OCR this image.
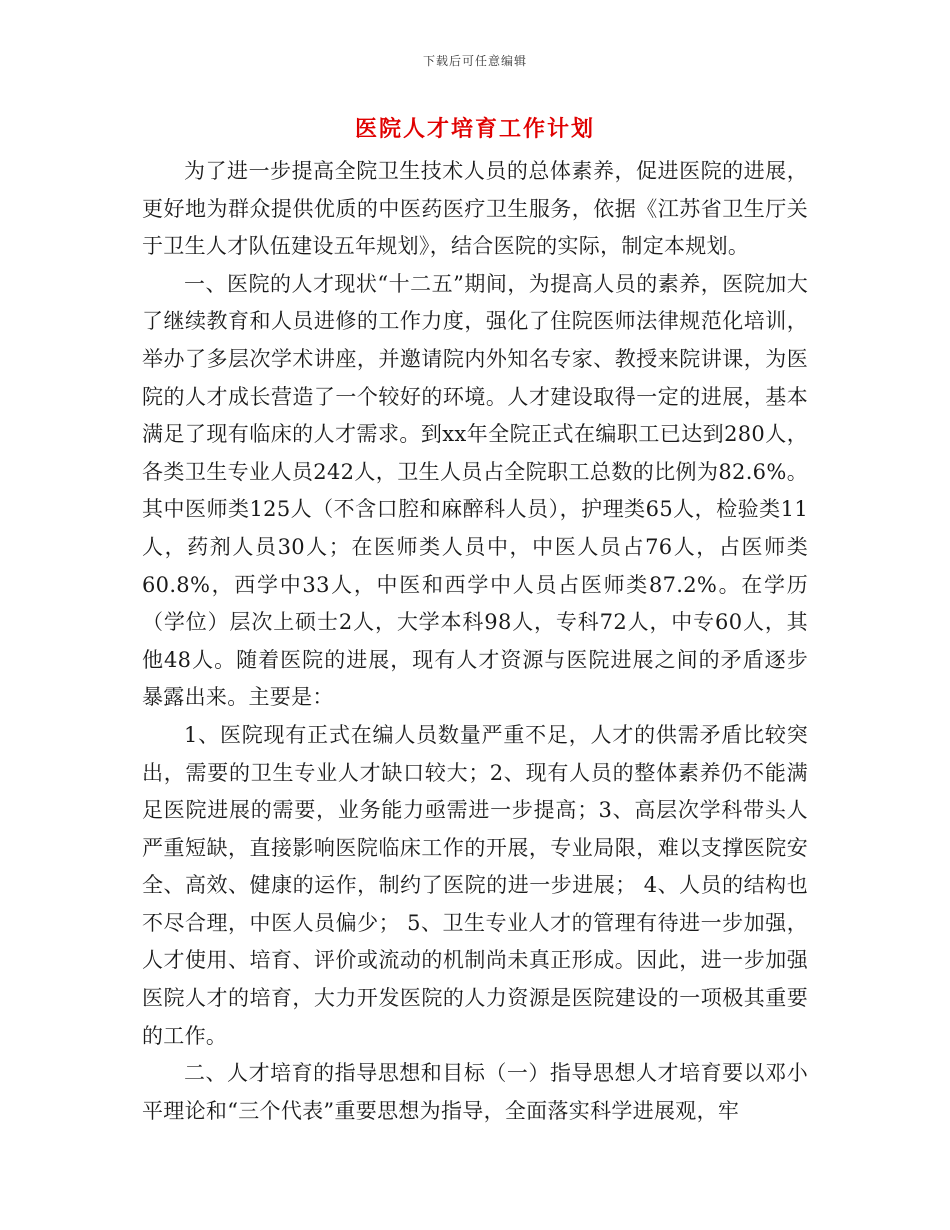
下载后可任意编辑
医院人才培育工作计划

为了进一步提高全院卫生技术人员的总体素养，促进医院的进展，更好地为群众提供优质的中医药医疗卫生服务，依据《江苏省卫生厅关于卫生人才队伍建设五年规划》，结合医院的实际，制定本规划。

一、医院的人才现状“十二五”期间，为提高人员的素养，医院加大了继续教育和人员进修的工作力度，强化了住院医师法律规范化培训，举办了多层次学术讲座，并邀请院内外知名专家、教授来院讲课，为医院的人才成长营造了一个较好的环境。人才建设取得一定的进展，基本满足了现有临床的人才需求。到xx年全院正式在编职工已达到280人，各类卫生专业人员242人，卫生人员占全院职工总数的比例为82.6%。其中医师类125人（不含口腔和麻醉科人员），护理类65人，检验类11人，药剂人员30人；在医师类人员中，中医人员占76人，占医师类60.8%，西学中33人，中医和西学中人员占医师类87.2%。在学历（学位）层次上硕士2人，大学本科98人，专科72人，中专60人，其他48人。随着医院的进展，现有人才资源与医院进展之间的矛盾逐步暴露出来。主要是：

1、医院现有正式在编人员数量严重不足，人才的供需矛盾比较突出，需要的卫生专业人才缺口较大；2、现有人员的整体素养仍不能满足医院进展的需要，业务能力亟需进一步提高；3、高层次学科带头人严重短缺，直接影响医院临床工作的开展，专业局限，难以支撑医院安全、高效、健康的运作，制约了医院的进一步进展； 4、人员的结构也不尽合理，中医人员偏少； 5、卫生专业人才的管理有待进一步加强，人才使用、培育、评价或流动的机制尚未真正形成。因此，进一步加强医院人才的培育，大力开发医院的人力资源是医院建设的一项极其重要的工作。

二、人才培育的指导思想和目标（一）指导思想人才培育要以邓小平理论和“三个代表”重要思想为指导，全面落实科学进展观，牢
